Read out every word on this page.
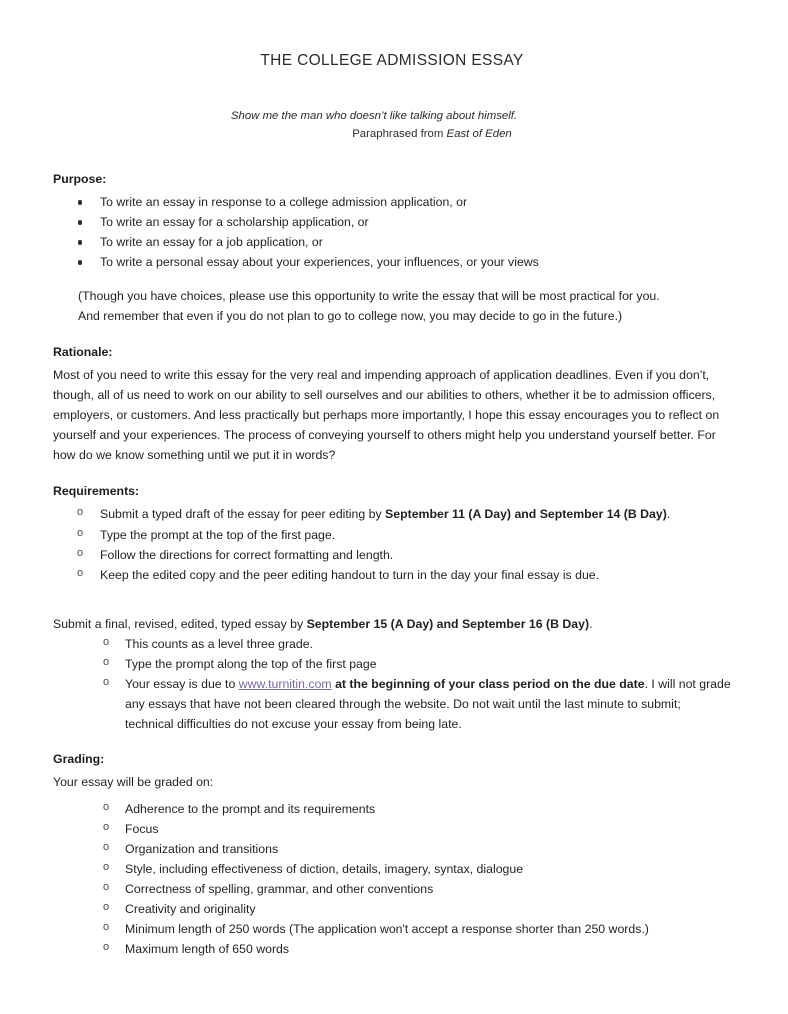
THE COLLEGE ADMISSION ESSAY
Show me the man who doesn’t like talking about himself.
Paraphrased from East of Eden
Purpose:
To write an essay in response to a college admission application, or
To write an essay for a scholarship application, or
To write an essay for a job application, or
To write a personal essay about your experiences, your influences, or your views

(Though you have choices, please use this opportunity to write the essay that will be most practical for you.

And remember that even if you do not plan to go to college now, you may decide to go in the future.)

Rationale:

Most of you need to write this essay for the very real and impending approach of application deadlines. Even if you don’t, though, all of us need to work on our ability to sell ourselves and our abilities to others, whether it be to admission officers, employers, or customers. And less practically but perhaps more importantly, I hope this essay encourages you to reflect on yourself and your experiences. The process of conveying yourself to others might help you understand yourself better. For how do we know something until we put it in words?

Requirements:
o Submit a typed draft of the essay for peer editing by September 11 (A Day) and September 14 (B Day).
o Type the prompt at the top of the first page.
o Follow the directions for correct formatting and length.
o Keep the edited copy and the peer editing handout to turn in the day your final essay is due.

Submit a final, revised, edited, typed essay by September 15 (A Day) and September 16 (B Day).

o This counts as a level three grade.
o Type the prompt along the top of the first page
o Your essay is due to www.turnitin.com at the beginning of your class period on the due date. I will not grade any essays that have not been cleared through the website. Do not wait until the last minute to submit; technical difficulties do not excuse your essay from being late.
Grading:

Your essay will be graded on:

o Adherence to the prompt and its requirements
o Focus
o Organization and transitions
o Style, including effectiveness of diction, details, imagery, syntax, dialogue
o Correctness of spelling, grammar, and other conventions
o Creativity and originality
o Minimum length of 250 words (The application won't accept a response shorter than 250 words.)
o Maximum length of 650 words
